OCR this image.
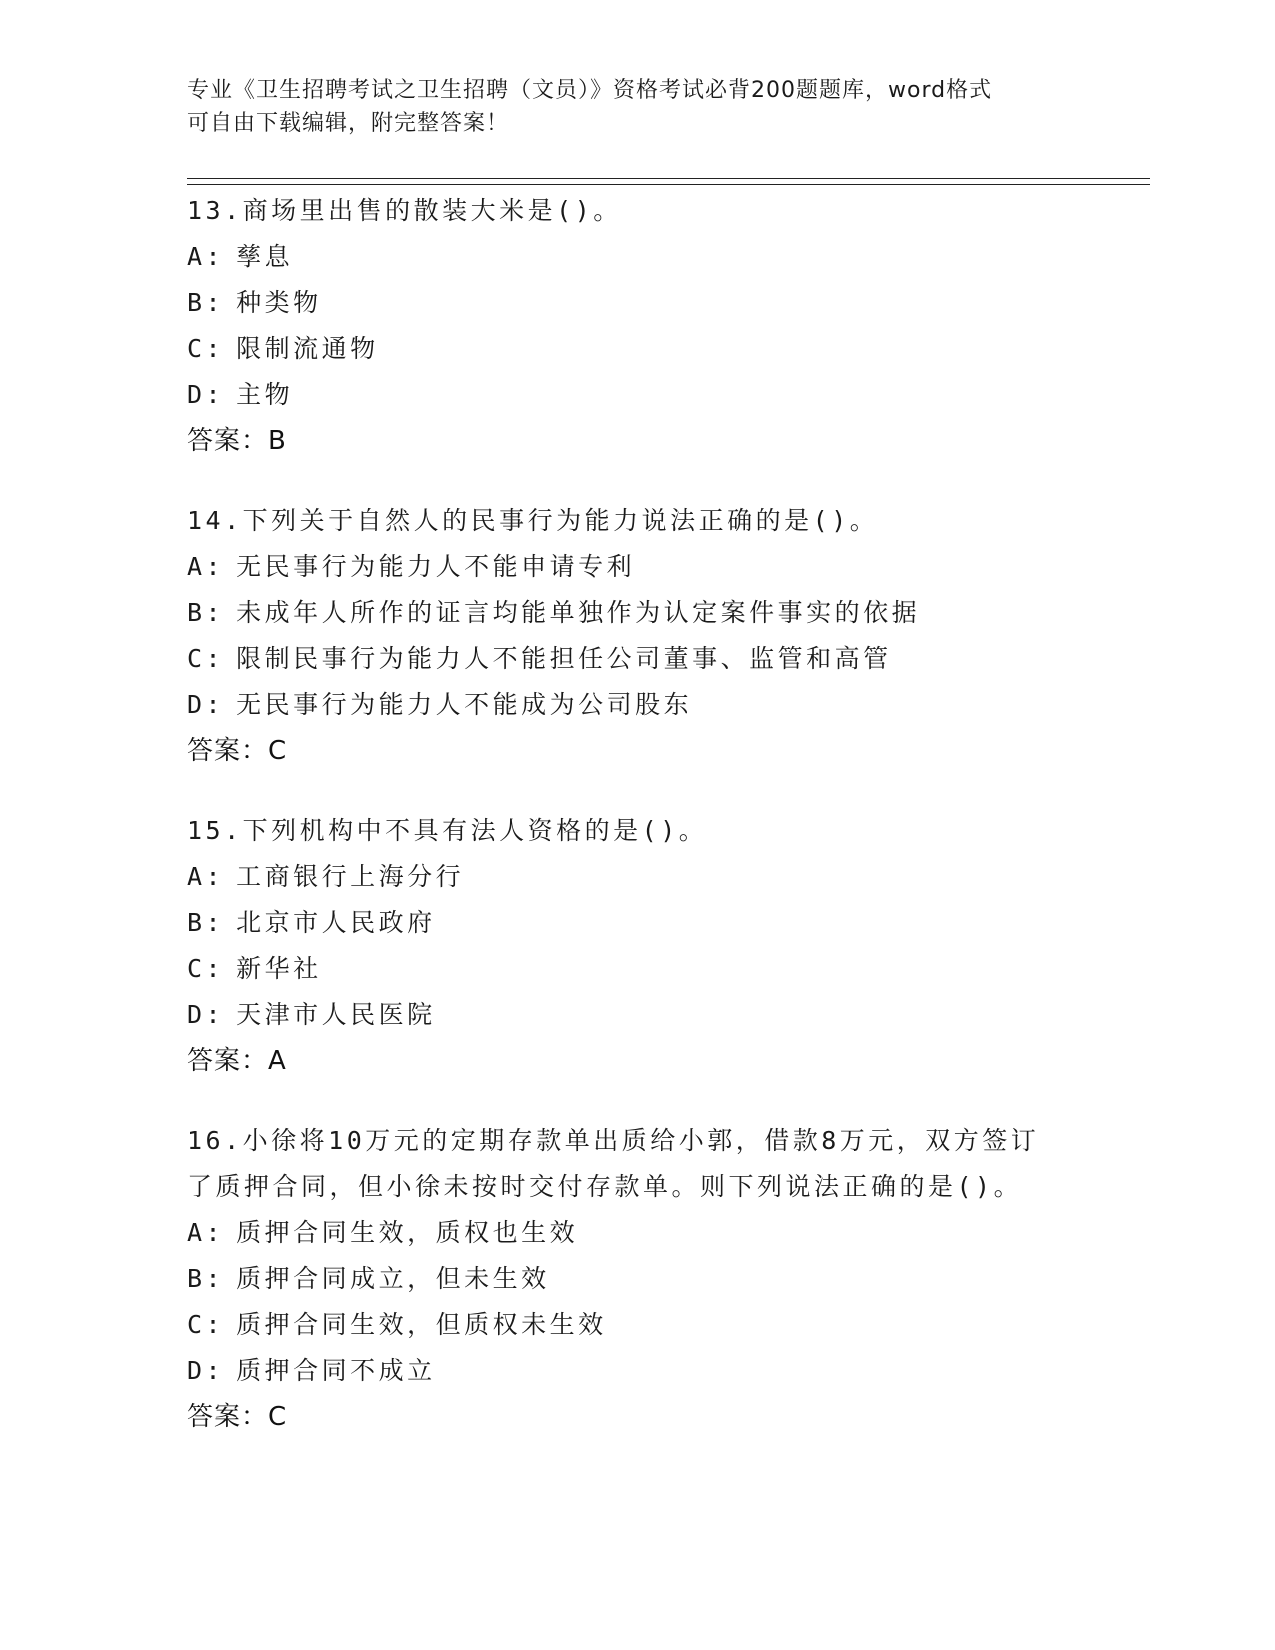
专业《卫生招聘考试之卫生招聘（文员）》资格考试必背200题题库，word格式
可自由下载编辑，附完整答案！
13.商场里出售的散装大米是()。
A: 孳息
B: 种类物
C: 限制流通物
D: 主物
答案：B
14.下列关于自然人的民事行为能力说法正确的是()。
A: 无民事行为能力人不能申请专利
B: 未成年人所作的证言均能单独作为认定案件事实的依据
C: 限制民事行为能力人不能担任公司董事、监管和高管
D: 无民事行为能力人不能成为公司股东
答案：C
15.下列机构中不具有法人资格的是()。
A: 工商银行上海分行
B: 北京市人民政府
C: 新华社
D: 天津市人民医院
答案：A
16.小徐将10万元的定期存款单出质给小郭，借款8万元，双方签订
了质押合同，但小徐未按时交付存款单。则下列说法正确的是()。
A: 质押合同生效，质权也生效
B: 质押合同成立，但未生效
C: 质押合同生效，但质权未生效
D: 质押合同不成立
答案：C
